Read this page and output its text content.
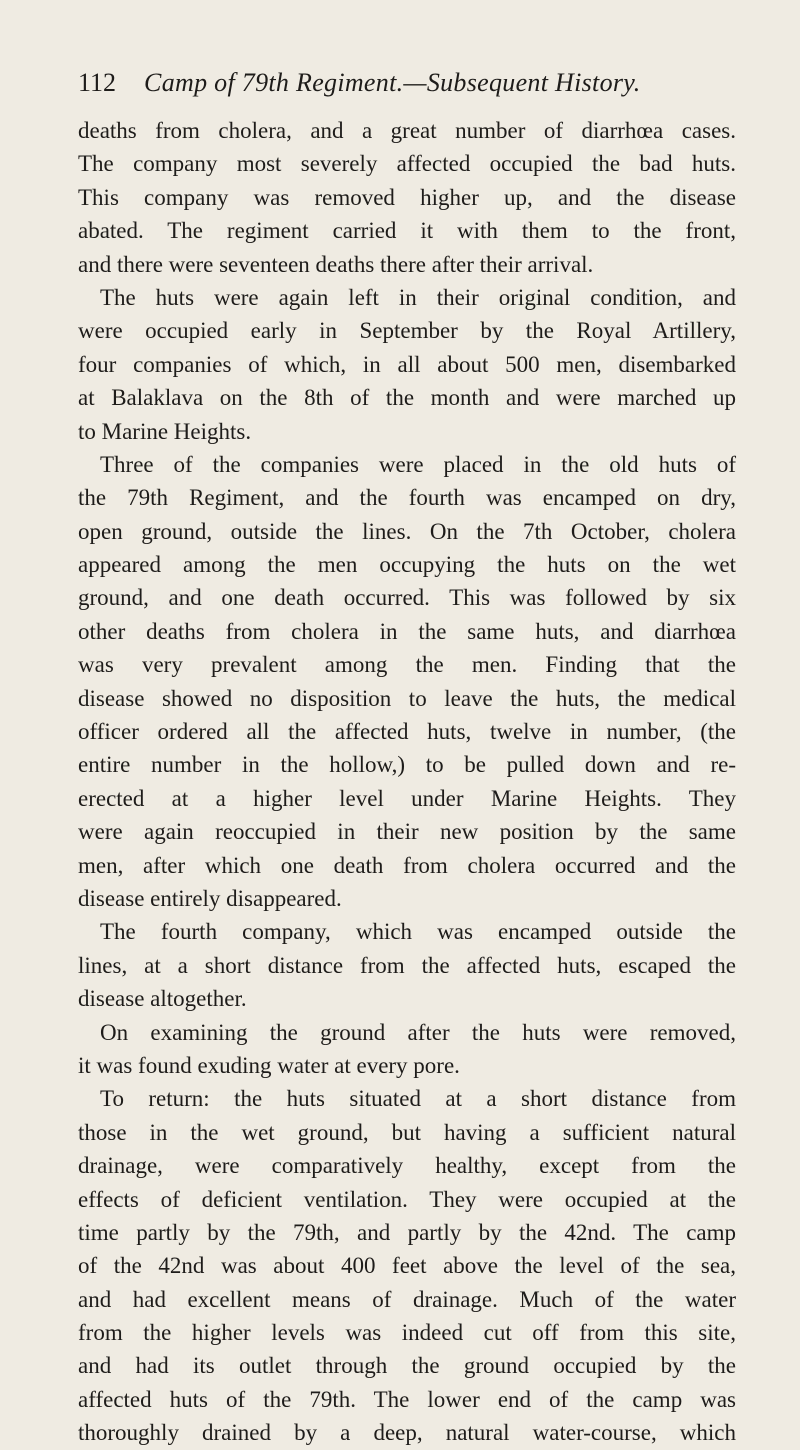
112 Camp of 79th Regiment.—Subsequent History.
deaths from cholera, and a great number of diarrhœa cases.
The company most severely affected occupied the bad huts.
This company was removed higher up, and the disease
abated. The regiment carried it with them to the front,
and there were seventeen deaths there after their arrival.
The huts were again left in their original condition, and
were occupied early in September by the Royal Artillery,
four companies of which, in all about 500 men, disembarked
at Balaklava on the 8th of the month and were marched up
to Marine Heights.
Three of the companies were placed in the old huts of
the 79th Regiment, and the fourth was encamped on dry,
open ground, outside the lines. On the 7th October, cholera
appeared among the men occupying the huts on the wet
ground, and one death occurred. This was followed by six
other deaths from cholera in the same huts, and diarrhœa
was very prevalent among the men. Finding that the
disease showed no disposition to leave the huts, the medical
officer ordered all the affected huts, twelve in number, (the
entire number in the hollow,) to be pulled down and re-
erected at a higher level under Marine Heights. They
were again reoccupied in their new position by the same
men, after which one death from cholera occurred and the
disease entirely disappeared.
The fourth company, which was encamped outside the
lines, at a short distance from the affected huts, escaped the
disease altogether.
On examining the ground after the huts were removed,
it was found exuding water at every pore.
To return: the huts situated at a short distance from
those in the wet ground, but having a sufficient natural
drainage, were comparatively healthy, except from the
effects of deficient ventilation. They were occupied at the
time partly by the 79th, and partly by the 42nd. The camp
of the 42nd was about 400 feet above the level of the sea,
and had excellent means of drainage. Much of the water
from the higher levels was indeed cut off from this site,
and had its outlet through the ground occupied by the
affected huts of the 79th. The lower end of the camp was
thoroughly drained by a deep, natural water-course, which
